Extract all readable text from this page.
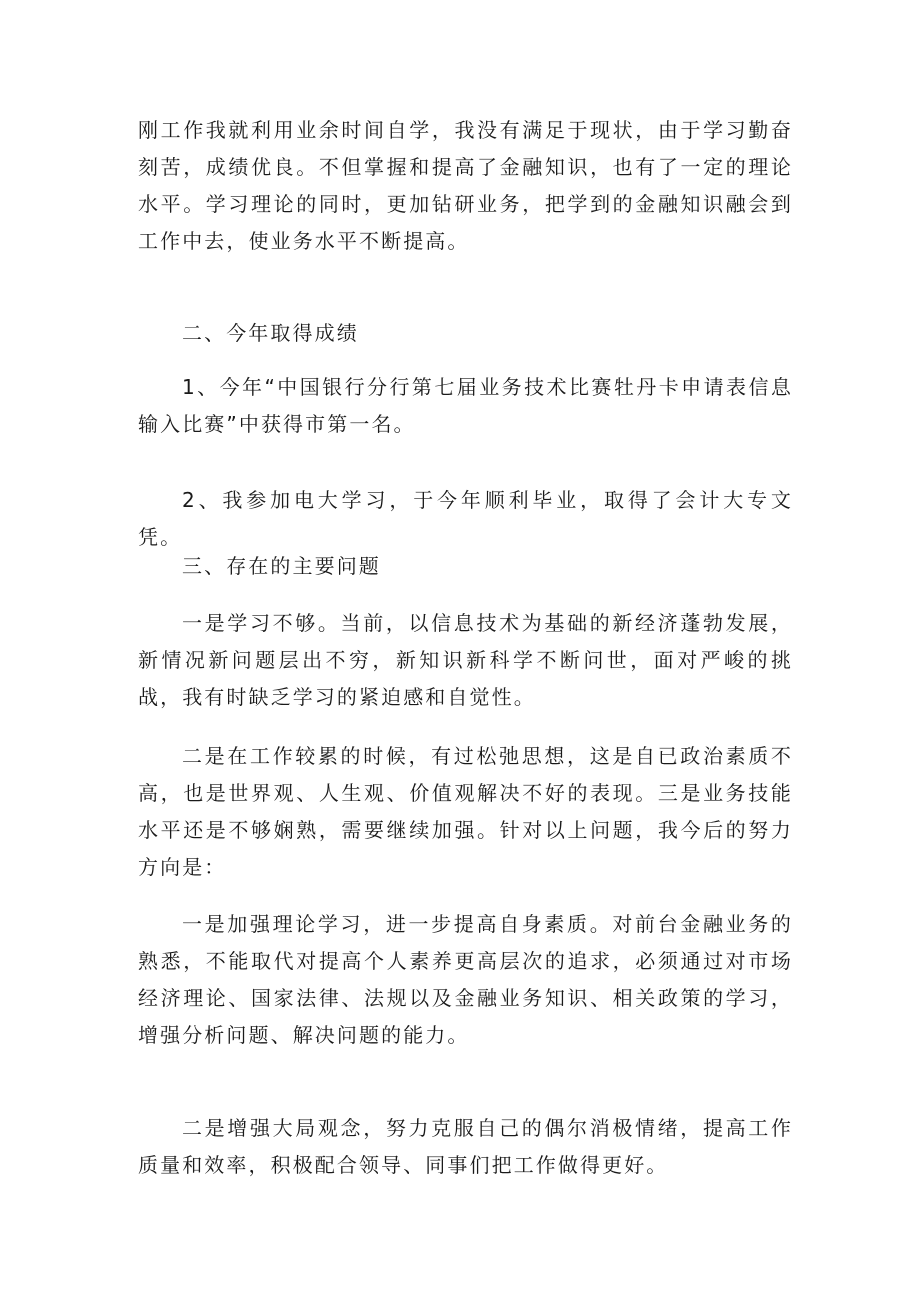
刚工作我就利用业余时间自学，我没有满足于现状，由于学习勤奋刻苦，成绩优良。不但掌握和提高了金融知识，也有了一定的理论水平。学习理论的同时，更加钻研业务，把学到的金融知识融会到工作中去，使业务水平不断提高。

二、今年取得成绩

1、今年“中国银行分行第七届业务技术比赛牡丹卡申请表信息输入比赛”中获得市第一名。

2、我参加电大学习，于今年顺利毕业，取得了会计大专文凭。

三、存在的主要问题

一是学习不够。当前，以信息技术为基础的新经济蓬勃发展，新情况新问题层出不穷，新知识新科学不断问世，面对严峻的挑战，我有时缺乏学习的紧迫感和自觉性。

二是在工作较累的时候，有过松弛思想，这是自已政治素质不高，也是世界观、人生观、价值观解决不好的表现。三是业务技能水平还是不够娴熟，需要继续加强。针对以上问题，我今后的努力方向是：

一是加强理论学习，进一步提高自身素质。对前台金融业务的熟悉，不能取代对提高个人素养更高层次的追求，必须通过对市场经济理论、国家法律、法规以及金融业务知识、相关政策的学习，增强分析问题、解决问题的能力。

二是增强大局观念，努力克服自己的偶尔消极情绪，提高工作质量和效率，积极配合领导、同事们把工作做得更好。
